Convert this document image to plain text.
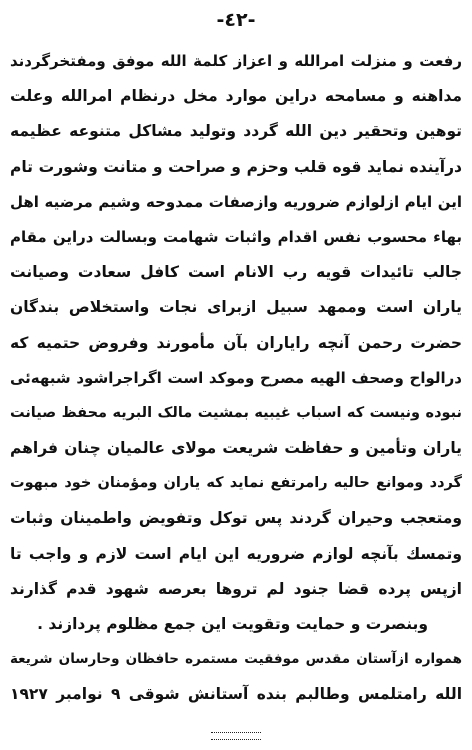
-٤٢-
رفعت و منزلت امرالله و اعزاز کلمة الله موفق ومفتخرگردند
مداهنه و مسامحه دراین موارد مخل درنظام امرالله وعلت
توهین وتحقیر دین الله گردد وتولید مشاکل متنوعه عظیمه
درآینده نماید قوه قلب وحزم و صراحت و متانت وشورت تام
این ایام ازلوازم ضروریه وازصفات ممدوحه وشیم مرضیه اهل
بهاء محسوب نفس اقدام واثبات شهامت وبسالت دراین مقام
جالب تائیدات قویه رب الانام است کافل سعادت وصیانت
یاران است وممهد سبیل ازبرای نجات واستخلاص بندگان
حضرت رحمن آنچه رایاران بآن مأمورند وفروض حتمیه که
درالواح وصحف الهیه مصرح وموکد است اگراجراشود شبهه‌ئی
نبوده ونیست که اسباب غیبیه بمشیت مالک البریه محفظ صیانت
یاران وتأمین و حفاظت شریعت مولای عالمیان چنان فراهم
گردد وموانع حالیه رامرتفع نماید که یاران ومؤمنان خود مبهوت
ومتعجب وحیران گردند پس توکل وتفویض واطمینان وثبات
وتمسك بآنچه لوازم ضروریه این ایام است لازم و واجب تا
ازپس پرده قضا جنود لم تروها بعرصه شهود قدم گذارند
وبنصرت و حمایت وتقویت این جمع مظلوم پردازند .
همواره ازآستان مقدس موفقیت مستمره حافظان وحارسان شریعة
الله رامتلمس وطالبم بنده آستانش شوقی ۹ نوامبر ۱۹۲۷
